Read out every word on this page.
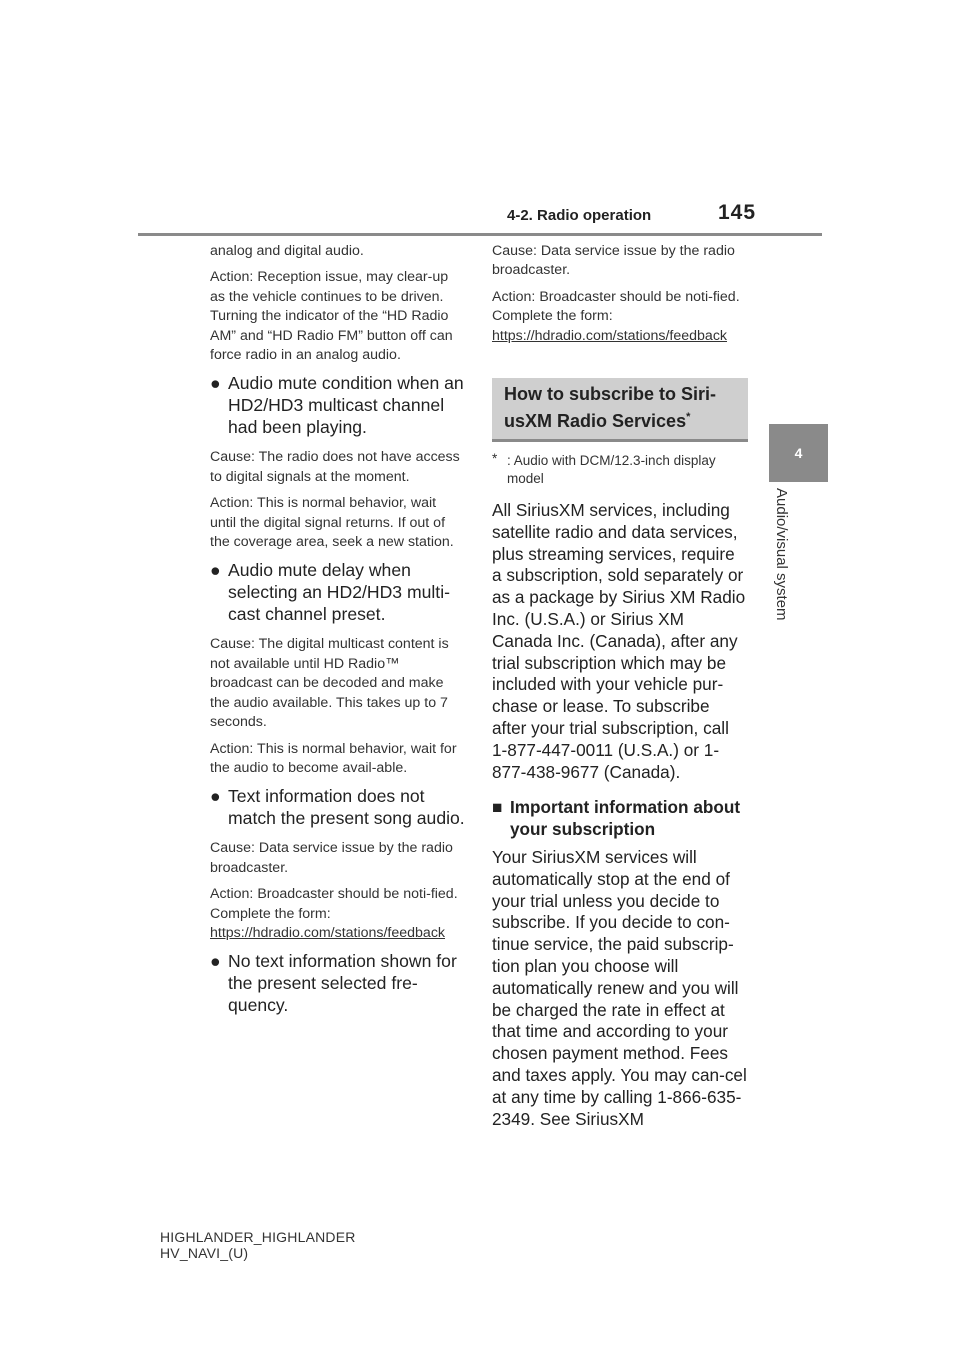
4-2. Radio operation	145
4
Audio/visual system

analog and digital audio.

Action: Reception issue, may clear-up as the vehicle continues to be driven. Turning the indicator of the “HD Radio AM” and “HD Radio FM” button off can force radio in an analog audio.

● Audio mute condition when an HD2/HD3 multicast channel had been playing.

Cause: The radio does not have access to digital signals at the moment.

Action: This is normal behavior, wait until the digital signal returns. If out of the coverage area, seek a new station.

● Audio mute delay when selecting an HD2/HD3 multi-cast channel preset.

Cause: The digital multicast content is not available until HD Radio™ broadcast can be decoded and make the audio available. This takes up to 7 seconds.

Action: This is normal behavior, wait for the audio to become avail-able.

● Text information does not match the present song audio.

Cause: Data service issue by the radio broadcaster.

Action: Broadcaster should be noti-fied. Complete the form: https://hdradio.com/stations/feedback

● No text information shown for the present selected fre-quency.

Cause: Data service issue by the radio broadcaster.

Action: Broadcaster should be noti-fied. Complete the form: https://hdradio.com/stations/feedback

How to subscribe to Siri-usXM Radio Services*
* : Audio with DCM/12.3-inch display model

All SiriusXM services, including satellite radio and data services, plus streaming services, require a subscription, sold separately or as a package by Sirius XM Radio Inc. (U.S.A.) or Sirius XM Canada Inc. (Canada), after any trial subscription which may be included with your vehicle pur-chase or lease. To subscribe after your trial subscription, call 1-877-447-0011 (U.S.A.) or 1-877-438-9677 (Canada).

■ Important information about your subscription

Your SiriusXM services will automatically stop at the end of your trial unless you decide to subscribe. If you decide to con-tinue service, the paid subscrip-tion plan you choose will automatically renew and you will be charged the rate in effect at that time and according to your chosen payment method. Fees and taxes apply. You may can-cel at any time by calling 1-866-635-2349. See SiriusXM

HIGHLANDER_HIGHLANDER
HV_NAVI_(U)
